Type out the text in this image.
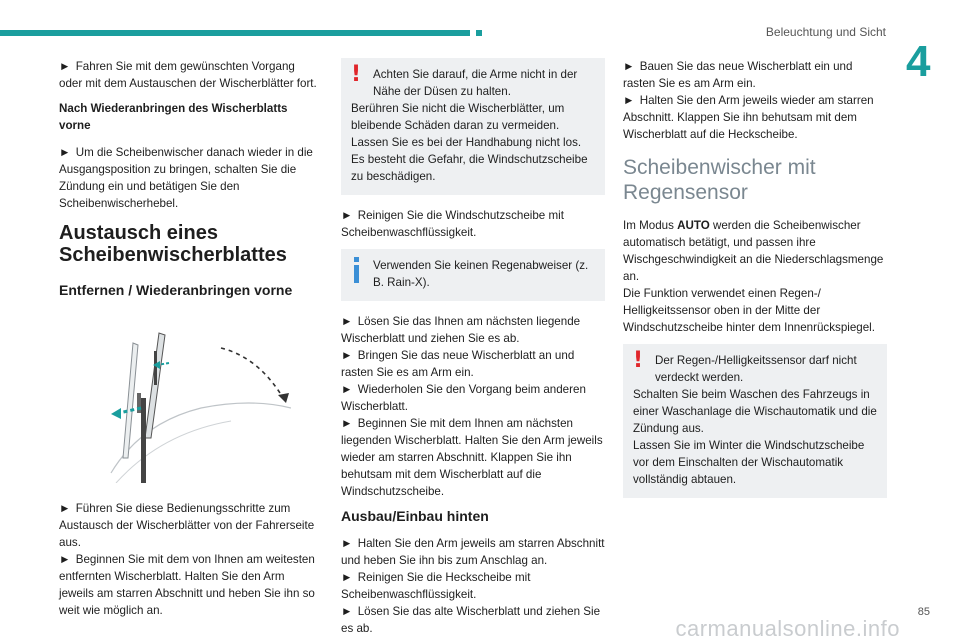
Beleuchtung und Sicht
4

► Fahren Sie mit dem gewünschten Vorgang oder mit dem Austauschen der Wischerblätter fort.

Nach Wiederanbringen des Wischerblatts vorne

► Um die Scheibenwischer danach wieder in die Ausgangsposition zu bringen, schalten Sie die Zündung ein und betätigen Sie den Scheibenwischerhebel.

Austausch eines Scheibenwischerblattes
Entfernen / Wiederanbringen vorne

► Führen Sie diese Bedienungsschritte zum Austausch der Wischerblätter von der Fahrerseite aus.

► Beginnen Sie mit dem von Ihnen am weitesten entfernten Wischerblatt. Halten Sie den Arm jeweils am starren Abschnitt und heben Sie ihn so weit wie möglich an.

!	Achten Sie darauf, die Arme nicht in der Nähe der Düsen zu halten.

Berühren Sie nicht die Wischerblätter, um bleibende Schäden daran zu vermeiden.

Lassen Sie es bei der Handhabung nicht los. Es besteht die Gefahr, die Windschutzscheibe zu beschädigen.

► Reinigen Sie die Windschutzscheibe mit Scheibenwaschflüssigkeit.

Verwenden Sie keinen Regenabweiser (z. B. Rain-X).

► Lösen Sie das Ihnen am nächsten liegende Wischerblatt und ziehen Sie es ab.

► Bringen Sie das neue Wischerblatt an und rasten Sie es am Arm ein.

► Wiederholen Sie den Vorgang beim anderen Wischerblatt.

► Beginnen Sie mit dem Ihnen am nächsten liegenden Wischerblatt. Halten Sie den Arm jeweils wieder am starren Abschnitt. Klappen Sie ihn behutsam mit dem Wischerblatt auf die Windschutzscheibe.

Ausbau/Einbau hinten

► Halten Sie den Arm jeweils am starren Abschnitt und heben Sie ihn bis zum Anschlag an.

► Reinigen Sie die Heckscheibe mit Scheibenwaschflüssigkeit.

► Lösen Sie das alte Wischerblatt und ziehen Sie es ab.

► Bauen Sie das neue Wischerblatt ein und rasten Sie es am Arm ein.

► Halten Sie den Arm jeweils wieder am starren Abschnitt. Klappen Sie ihn behutsam mit dem Wischerblatt auf die Heckscheibe.

Scheibenwischer mit Regensensor

Im Modus AUTO werden die Scheibenwischer automatisch betätigt, und passen ihre Wischgeschwindigkeit an die Niederschlagsmenge an.

Die Funktion verwendet einen Regen-/ Helligkeitssensor oben in der Mitte der Windschutzscheibe hinter dem Innenrückspiegel.

!	Der Regen-/Helligkeitssensor darf nicht verdeckt werden.

Schalten Sie beim Waschen des Fahrzeugs in einer Waschanlage die Wischautomatik und die Zündung aus.

Lassen Sie im Winter die Windschutzscheibe vor dem Einschalten der Wischautomatik vollständig abtauen.

85
carmanualsonline.info
